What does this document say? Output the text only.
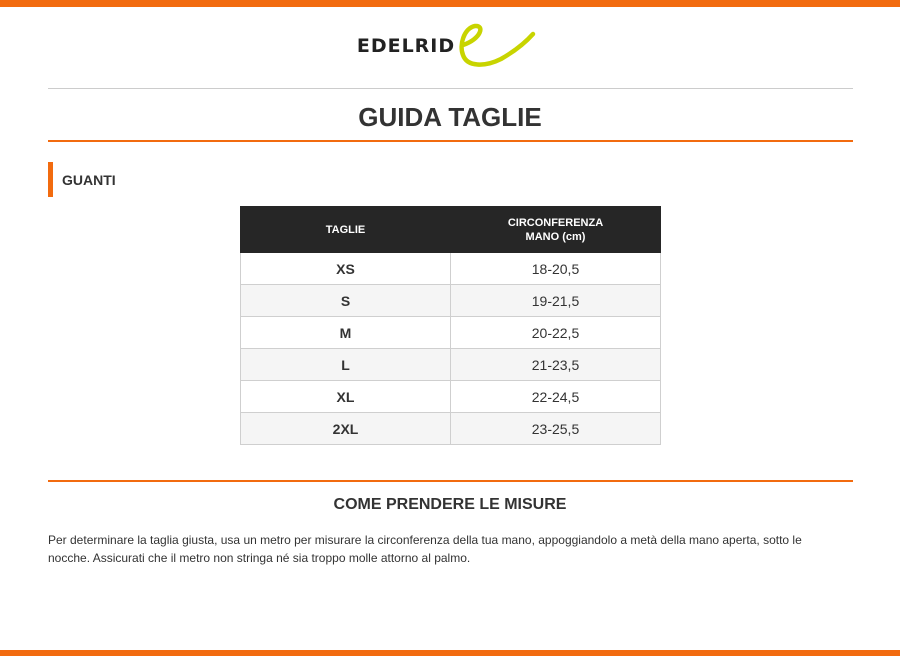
EDELRID
GUIDA TAGLIE
GUANTI
TAGLIE	CIRCONFERENZA
MANO (cm)
XS	18-20,5
S	19-21,5
M	20-22,5
L	21-23,5
XL	22-24,5
2XL	23-25,5
COME PRENDERE LE MISURE

Per determinare la taglia giusta, usa un metro per misurare la circonferenza della tua mano, appoggiandolo a metà della mano aperta, sotto le nocche. Assicurati che il metro non stringa né sia troppo molle attorno al palmo.
